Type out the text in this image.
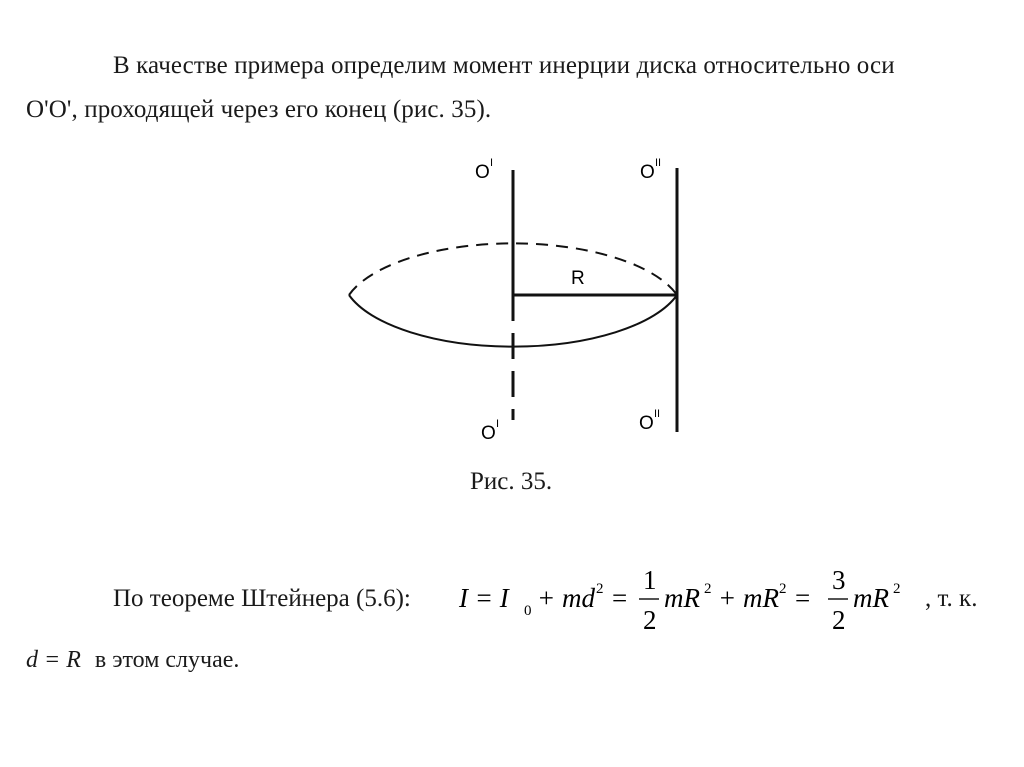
В качестве примера определим момент инерции диска относительно оси
O'O', проходящей через его конец (рис. 35).
O I	O II
R
O I	O II
Рис. 35.
По теореме Штейнера (5.6): I = I 0 + md 2 =
1
2
mR 2 + mR 2 =
3
2
mR 2 , т. к.
d = R в этом случае.
